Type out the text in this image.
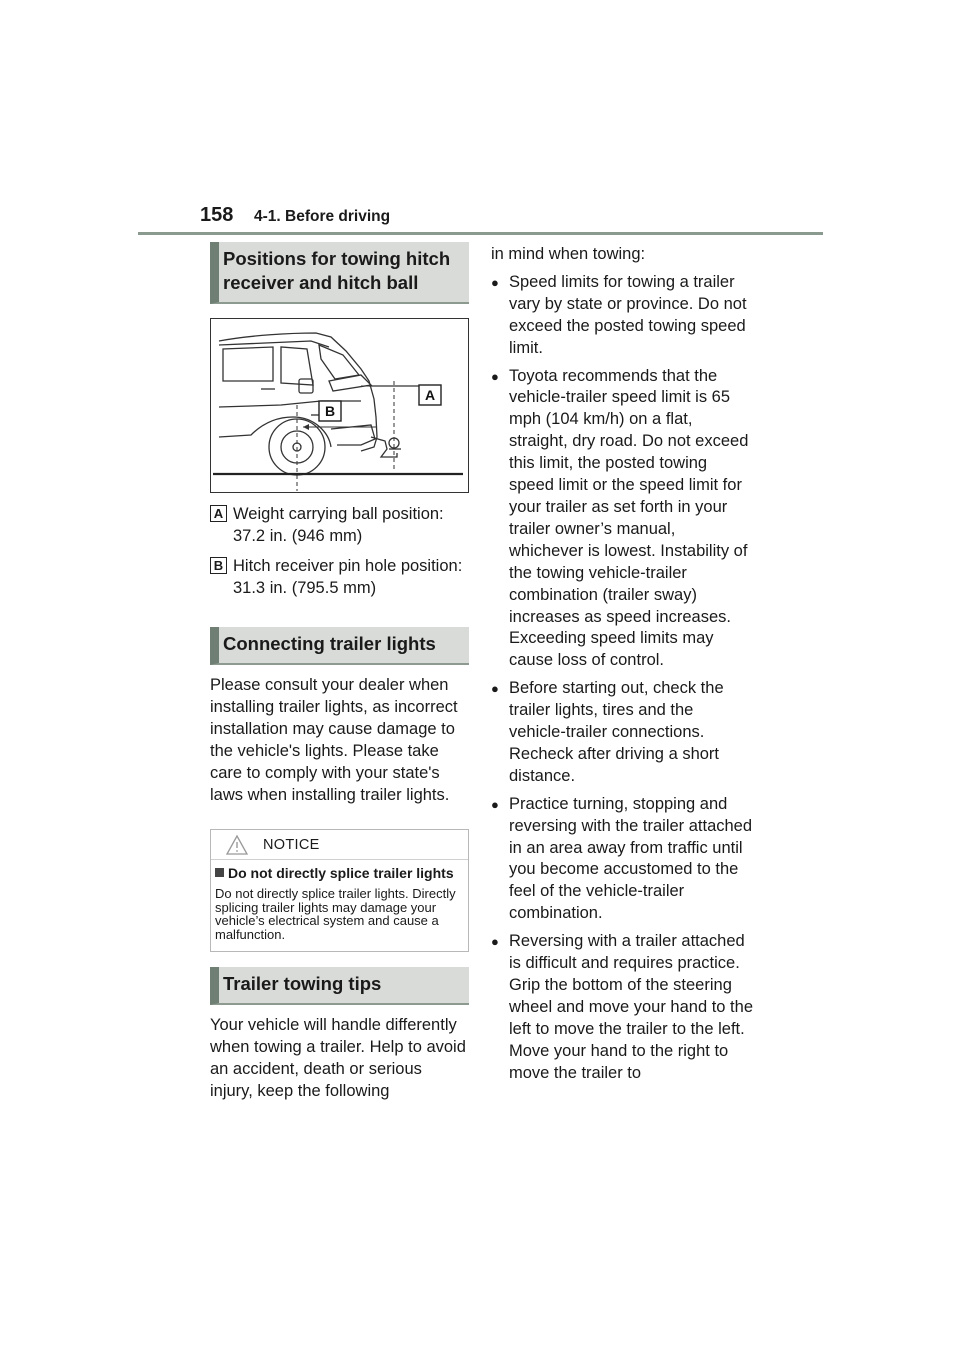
158 4-1. Before driving
Positions for towing hitch receiver and hitch ball
B
A
A Weight carrying ball position: 37.2 in. (946 mm)
B Hitch receiver pin hole position: 31.3 in. (795.5 mm)
Connecting trailer lights
Please consult your dealer when installing trailer lights, as incorrect installation may cause damage to the vehicle's lights. Please take care to comply with your state's laws when installing trailer lights.
NOTICE
Do not directly splice trailer lights
Do not directly splice trailer lights. Directly splicing trailer lights may damage your vehicle’s electrical system and cause a malfunction.
Trailer towing tips
Your vehicle will handle differently when towing a trailer. Help to avoid an accident, death or serious injury, keep the following
in mind when towing:
● Speed limits for towing a trailer vary by state or province. Do not exceed the posted towing speed limit.
● Toyota recommends that the vehicle-trailer speed limit is 65 mph (104 km/h) on a flat, straight, dry road. Do not exceed this limit, the posted towing speed limit or the speed limit for your trailer as set forth in your trailer owner’s manual, whichever is lowest. Instability of the towing vehicle-trailer combination (trailer sway) increases as speed increases. Exceeding speed limits may cause loss of control.
● Before starting out, check the trailer lights, tires and the vehicle-trailer connections. Recheck after driving a short distance.
● Practice turning, stopping and reversing with the trailer attached in an area away from traffic until you become accustomed to the feel of the vehicle-trailer combination.
● Reversing with a trailer attached is difficult and requires practice. Grip the bottom of the steering wheel and move your hand to the left to move the trailer to the left. Move your hand to the right to move the trailer to
